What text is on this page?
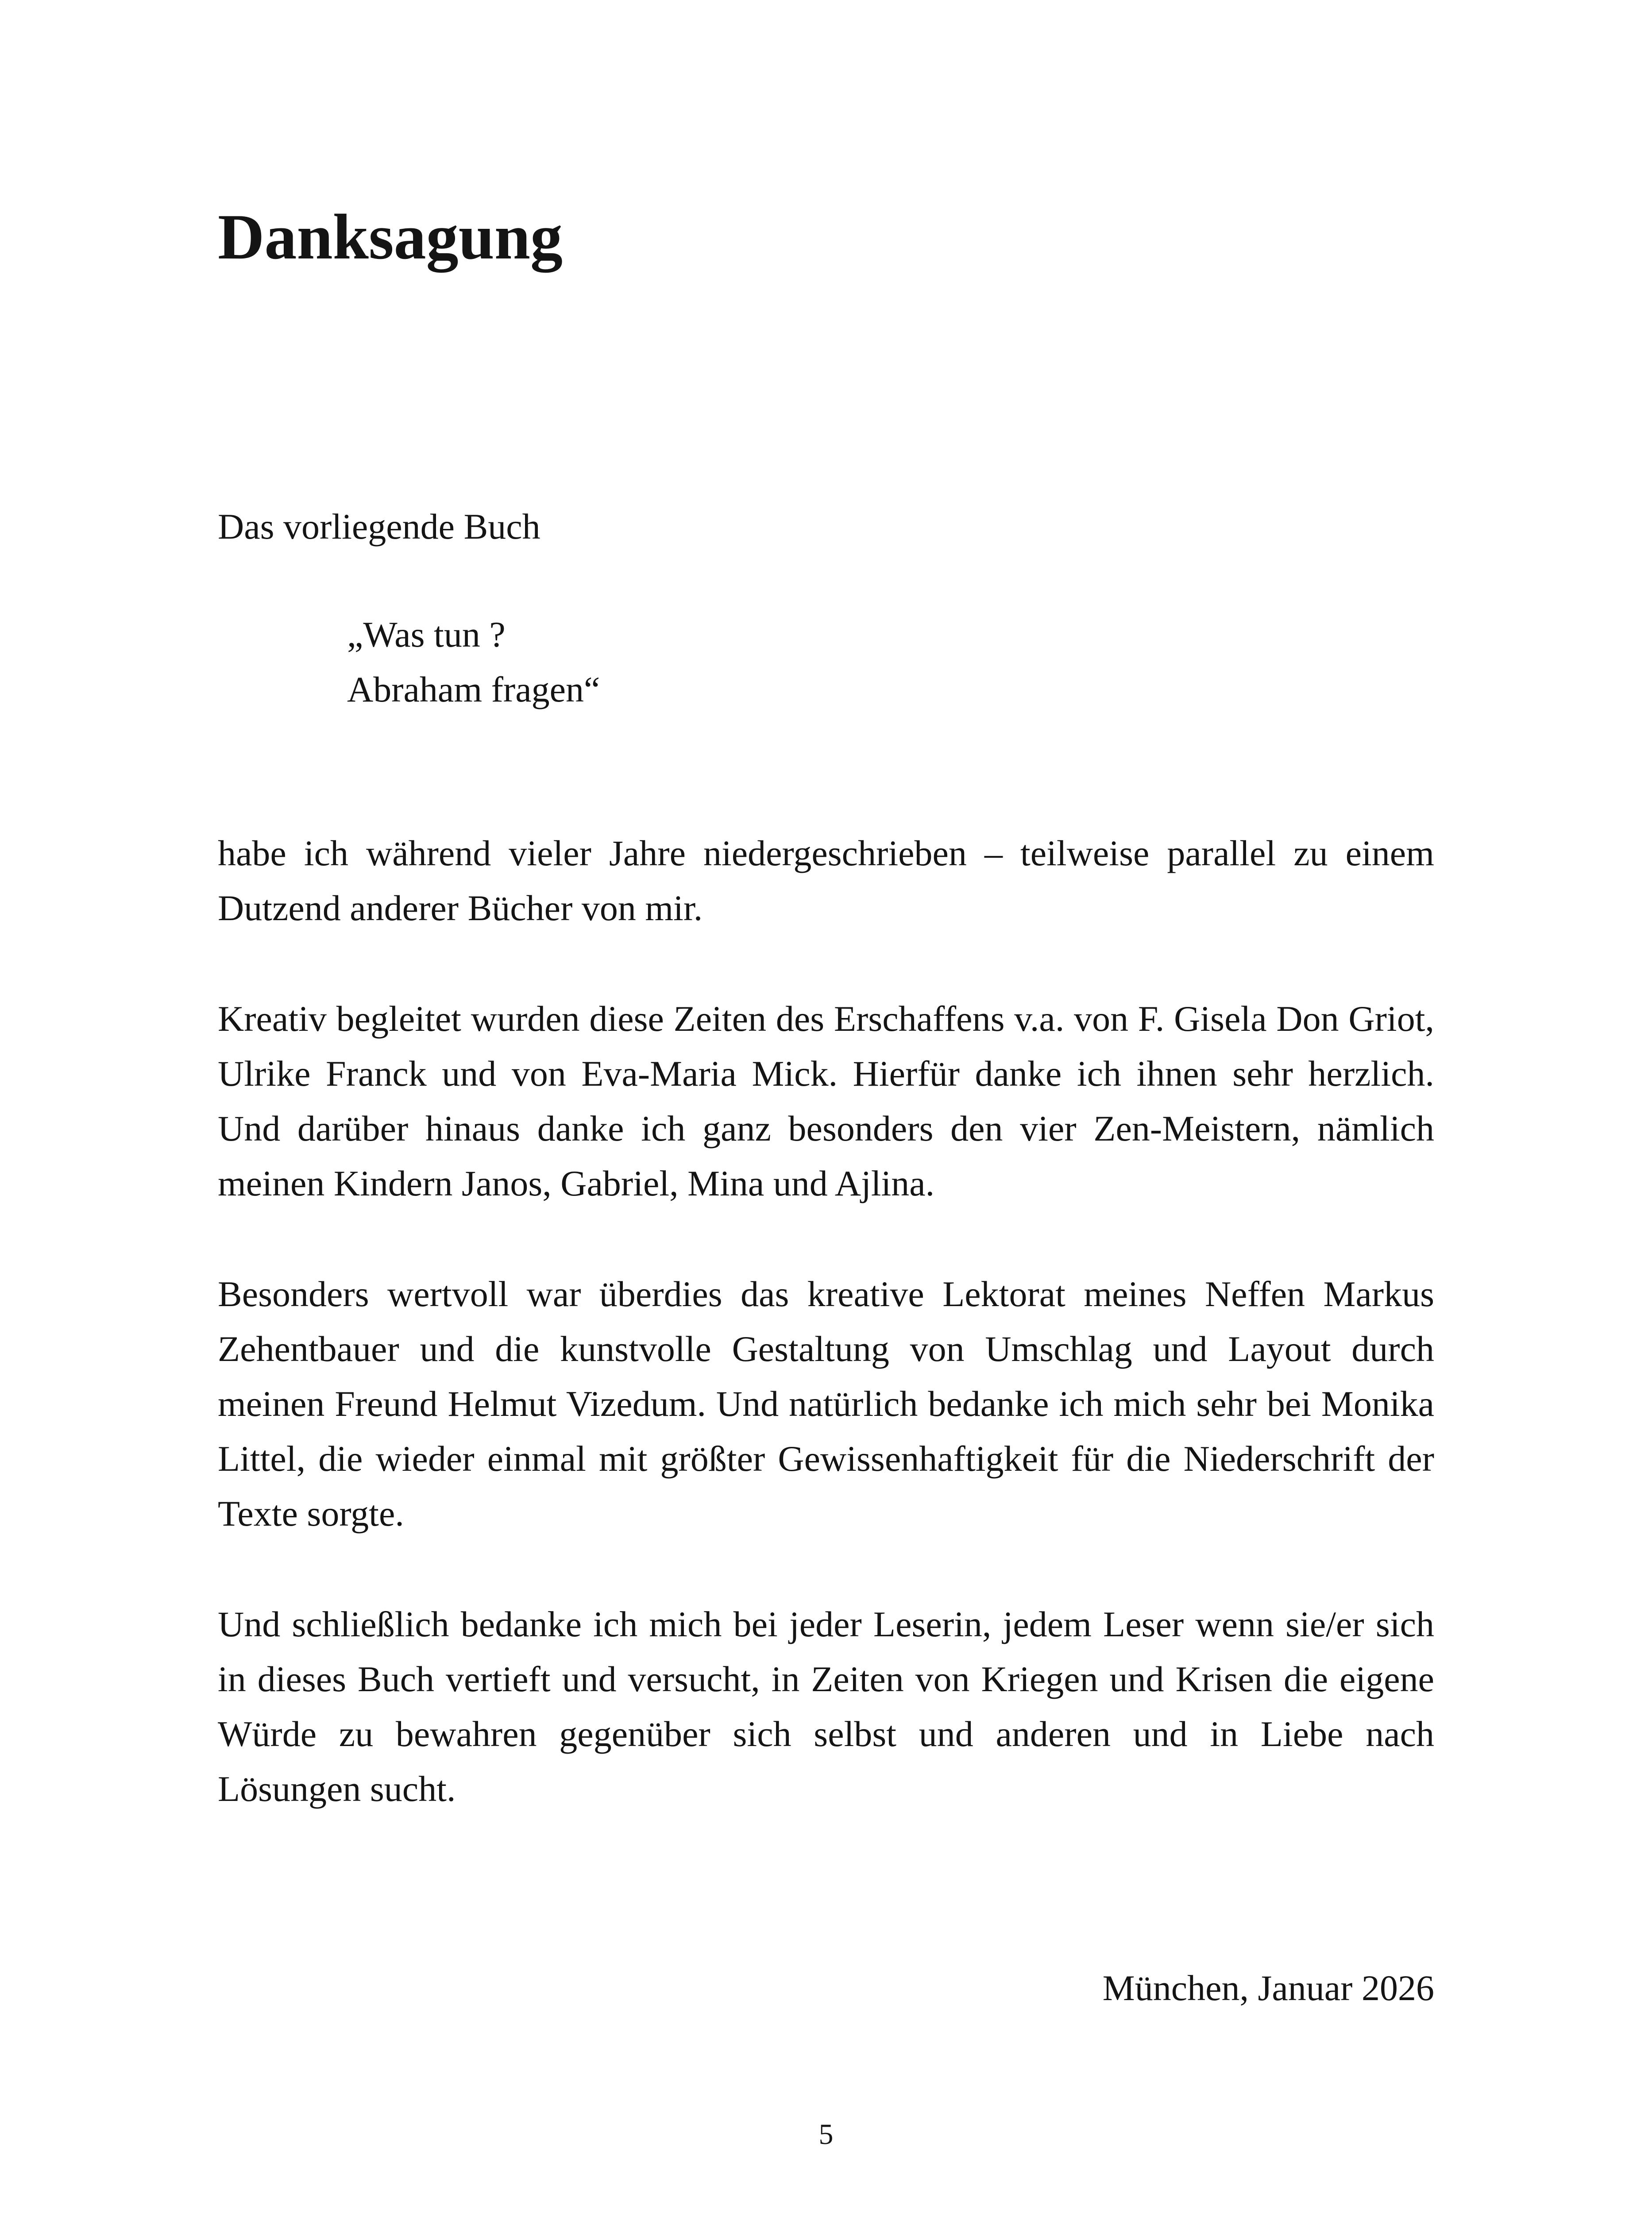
Danksagung

Das vorliegende Buch

„Was tun ?
Abraham fragen“

habe ich während vieler Jahre niedergeschrieben – teilweise parallel zu einem Dutzend anderer Bücher von mir.

Kreativ begleitet wurden diese Zeiten des Erschaffens v.a. von F. Gisela Don Griot, Ulrike Franck und von Eva-Maria Mick. Hierfür danke ich ihnen sehr herzlich. Und darüber hinaus danke ich ganz besonders den vier Zen-Meistern, nämlich meinen Kindern Janos, Gabriel, Mina und Ajlina.

Besonders wertvoll war überdies das kreative Lektorat meines Neffen Markus Zehentbauer und die kunstvolle Gestaltung von Umschlag und Layout durch meinen Freund Helmut Vizedum. Und natürlich bedanke ich mich sehr bei Monika Littel, die wieder einmal mit größter Gewissenhaftigkeit für die Niederschrift der Texte sorgte.

Und schließlich bedanke ich mich bei jeder Leserin, jedem Leser wenn sie/er sich in dieses Buch vertieft und versucht, in Zeiten von Kriegen und Krisen die eigene Würde zu bewahren gegenüber sich selbst und anderen und in Liebe nach Lösungen sucht.

München, Januar 2026

5
